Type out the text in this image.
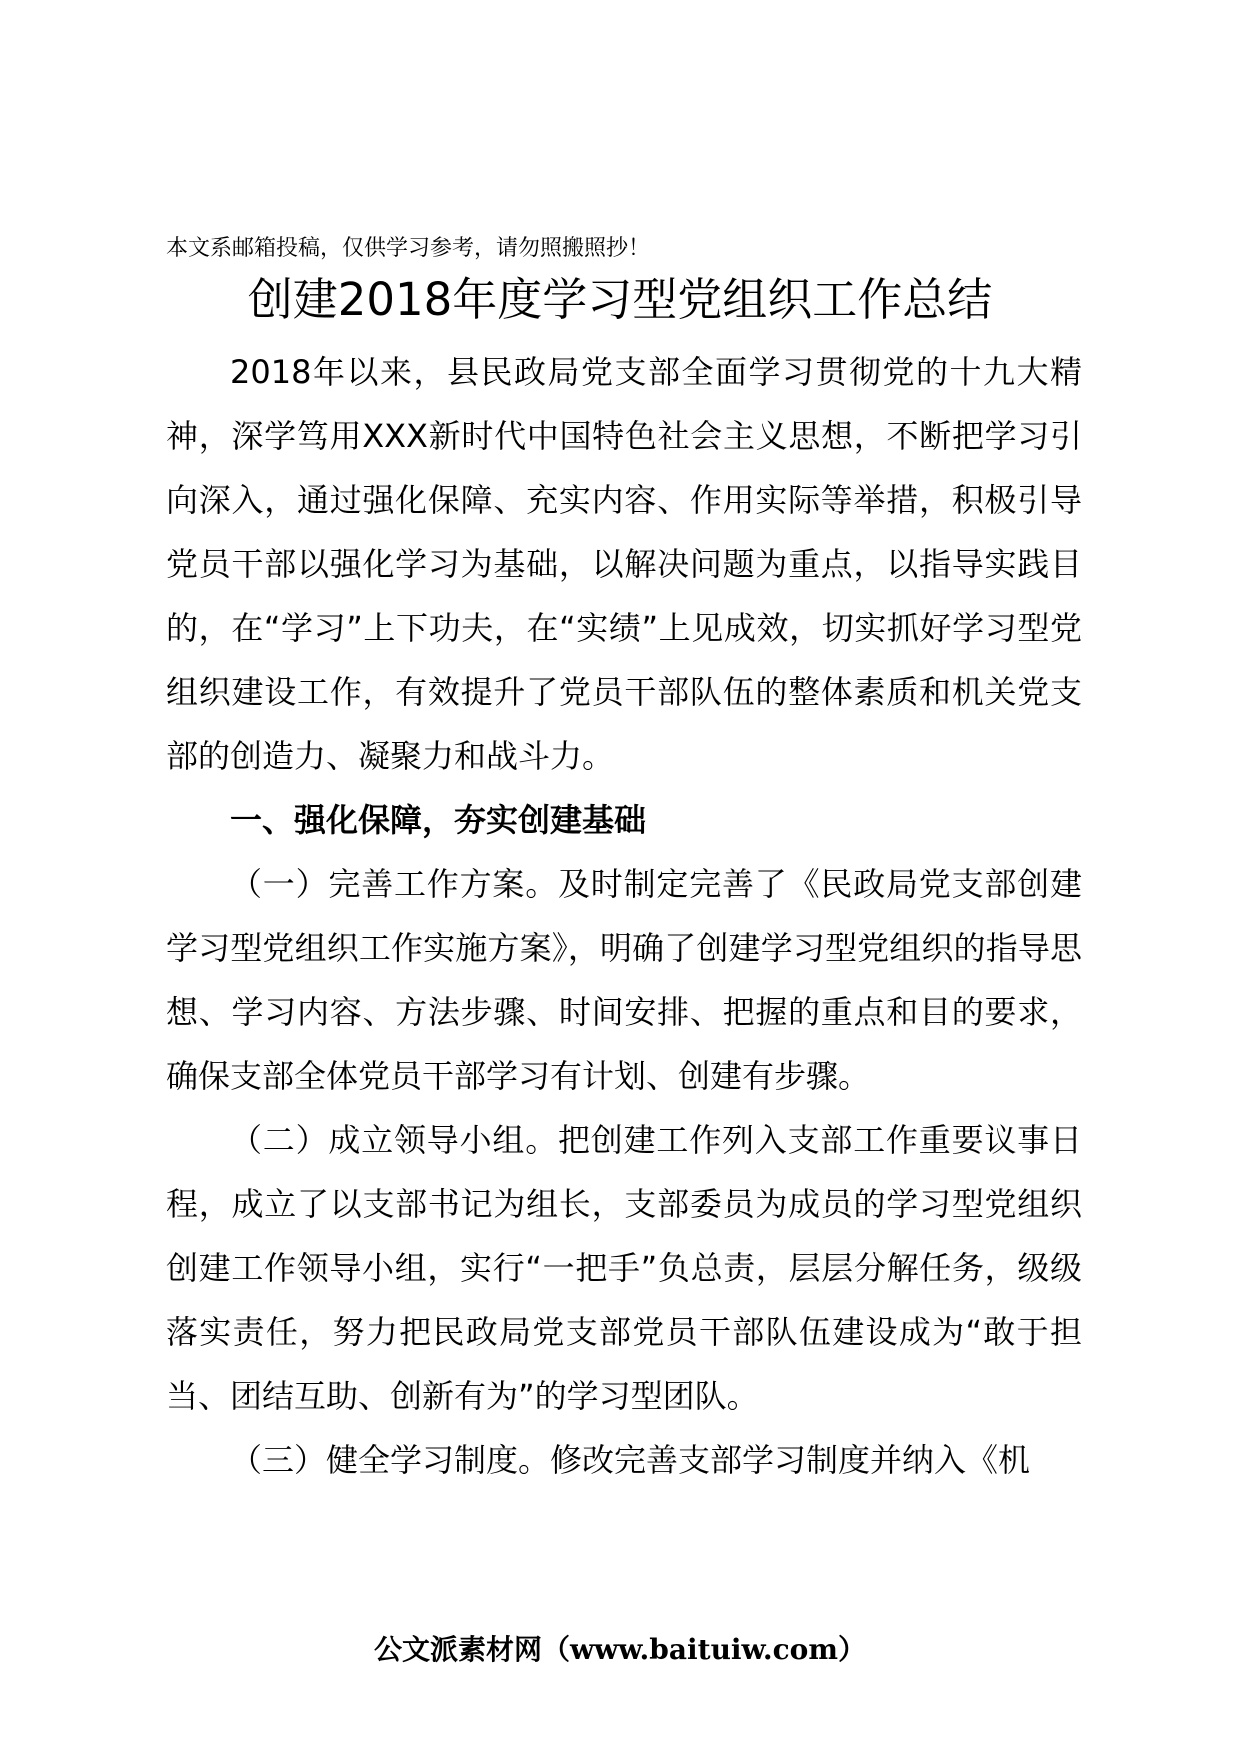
本文系邮箱投稿，仅供学习参考，请勿照搬照抄！
创建2018年度学习型党组织工作总结

2018年以来，县民政局党支部全面学习贯彻党的十九大精神，深学笃用XXX新时代中国特色社会主义思想，不断把学习引向深入，通过强化保障、充实内容、作用实际等举措，积极引导党员干部以强化学习为基础，以解决问题为重点，以指导实践目的，在“学习”上下功夫，在“实绩”上见成效，切实抓好学习型党组织建设工作，有效提升了党员干部队伍的整体素质和机关党支部的创造力、凝聚力和战斗力。

一、强化保障，夯实创建基础

（一）完善工作方案。及时制定完善了《民政局党支部创建学习型党组织工作实施方案》，明确了创建学习型党组织的指导思想、学习内容、方法步骤、时间安排、把握的重点和目的要求，确保支部全体党员干部学习有计划、创建有步骤。

（二）成立领导小组。把创建工作列入支部工作重要议事日程，成立了以支部书记为组长，支部委员为成员的学习型党组织创建工作领导小组，实行“一把手”负总责，层层分解任务，级级落实责任，努力把民政局党支部党员干部队伍建设成为“敢于担当、团结互助、创新有为”的学习型团队。

（三）健全学习制度。修改完善支部学习制度并纳入《机

公文派素材网（www.baituiw.com）
